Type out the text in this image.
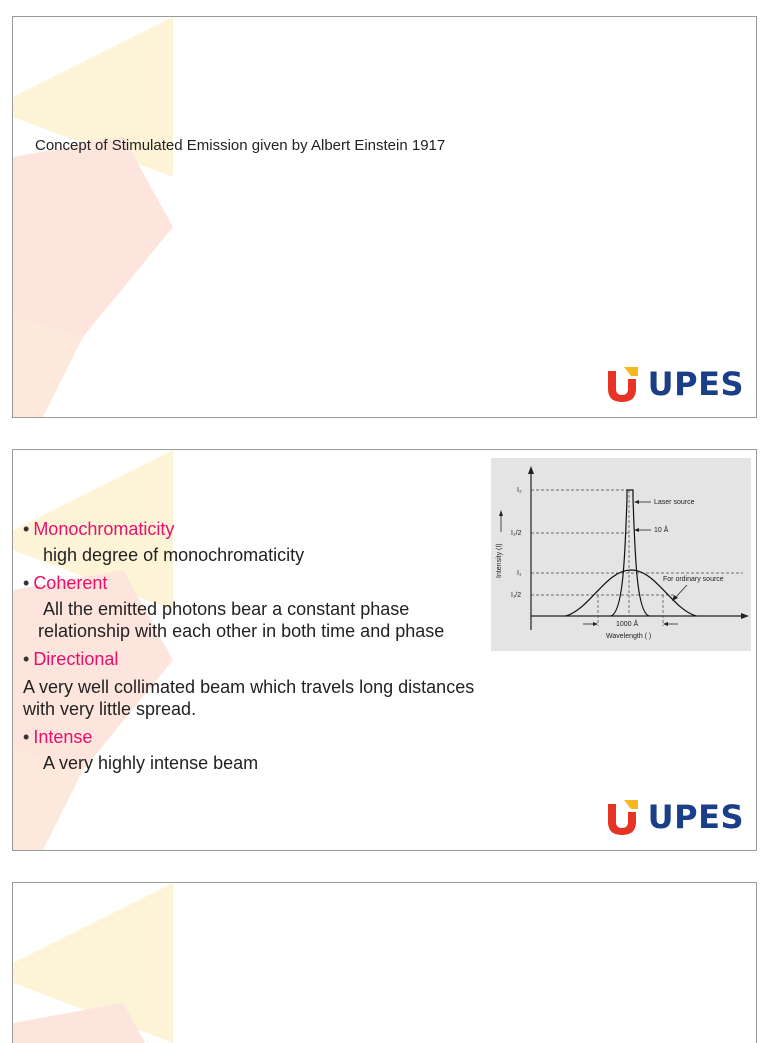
Concept of Stimulated Emission given by Albert Einstein 1917

UPES
• Monochromaticity
high degree of monochromaticity
• Coherent
All the emitted photons bear a constant phase relationship with each other in both time and phase
• Directional
A very well collimated beam which travels long distances with very little spread.
• Intense
A very highly intense beam
Intensity (I)
I₂
I₂/2
I₁
I₁/2
Laser source
10 Å
For ordinary source
1000 Å
Wavelength ( )
UPES
